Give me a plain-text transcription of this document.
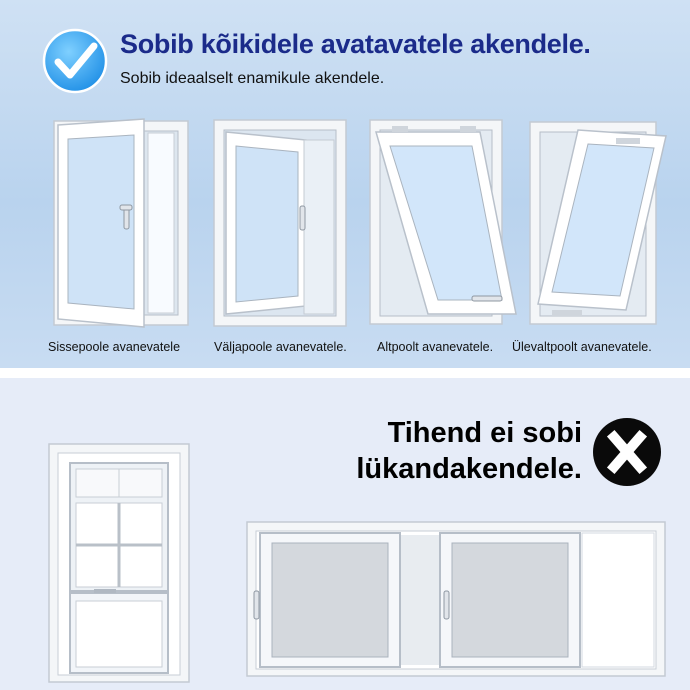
Sobib kõikidele avatavatele akendele.
Sobib ideaalselt enamikule akendele.
Sissepoole avanevatele	Väljapoole avanevatele. Altpoolt avanevatele. Ülevaltpoolt avanevatele.
Tihend ei sobi
lükandakendele.
